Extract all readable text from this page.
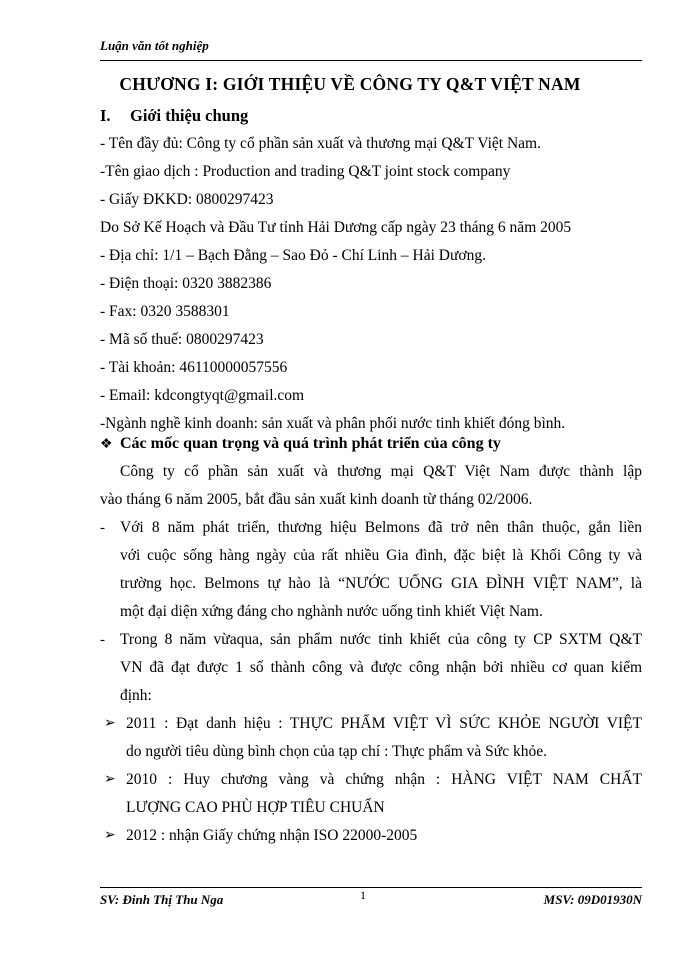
Luận văn tốt nghiệp
CHƯƠNG I: GIỚI THIỆU VỀ CÔNG TY Q&T VIỆT NAM
I. Giới thiệu chung
- Tên đầy đủ: Công ty cổ phần sản xuất và thương mại Q&T Việt Nam.
-Tên giao dịch : Production and trading Q&T joint stock company
- Giấy ĐKKD: 0800297423
Do Sở Kế Hoạch và Đầu Tư tỉnh Hải Dương cấp ngày 23 tháng 6 năm 2005
- Địa chỉ: 1/1 – Bạch Đằng – Sao Đỏ - Chí Linh – Hải Dương.
- Điện thoại: 0320 3882386
- Fax: 0320 3588301
- Mã số thuế: 0800297423
- Tài khoản: 46110000057556
- Email: kdcongtyqt@gmail.com
-Ngành nghề kinh doanh: sản xuất và phân phối nước tinh khiết đóng bình.
❖ Các mốc quan trọng và quá trình phát triển của công ty
Công ty cổ phần sản xuất và thương mại Q&T Việt Nam được thành lập
vào tháng 6 năm 2005, bắt đầu sản xuất kinh doanh từ tháng 02/2006.
- Với 8 năm phát triển, thương hiệu Belmons đã trở nên thân thuộc, gắn liền
với cuộc sống hàng ngày của rất nhiều Gia đình, đặc biệt là Khối Công ty và
trường học. Belmons tự hào là “NƯỚC UỐNG GIA ĐÌNH VIỆT NAM”, là
một đại diện xứng đáng cho nghành nước uống tinh khiết Việt Nam.
- Trong 8 năm vừaqua, sản phẩm nước tinh khiết của công ty CP SXTM Q&T
VN đã đạt được 1 số thành công và được công nhận bởi nhiều cơ quan kiểm
định:
➢ 2011 : Đạt danh hiệu : THỰC PHẨM VIỆT VÌ SỨC KHỎE NGƯỜI VIỆT
do người tiêu dùng bình chọn của tạp chí : Thực phẩm và Sức khỏe.
➢ 2010 : Huy chương vàng và chứng nhận : HÀNG VIỆT NAM CHẤT
LƯỢNG CAO PHÙ HỢP TIÊU CHUẨN
➢ 2012 : nhận Giấy chứng nhận ISO 22000-2005
SV: Đinh Thị Thu Nga	1	MSV: 09D01930N
